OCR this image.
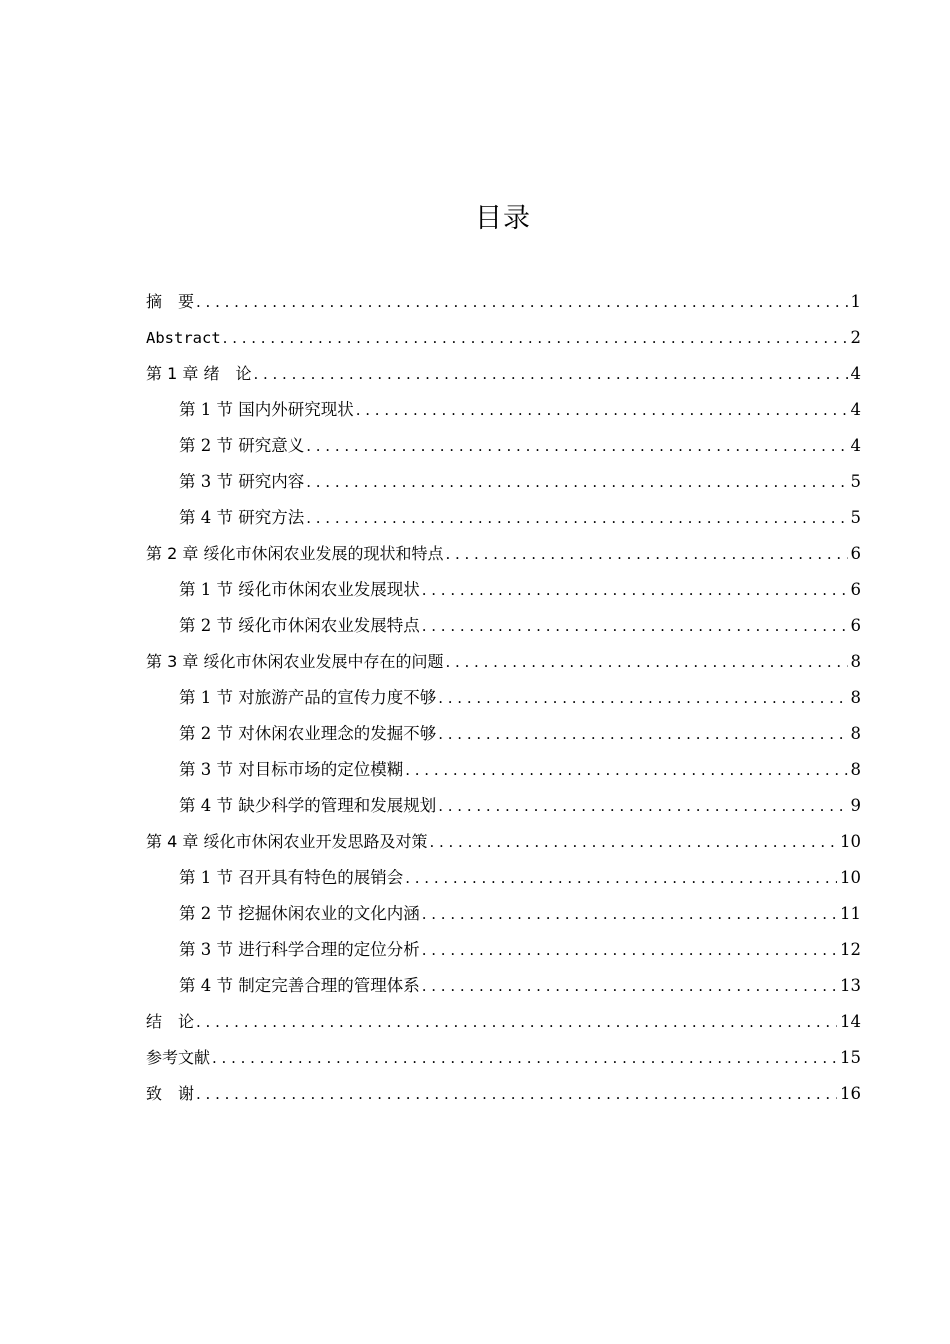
目录
摘　要 . . .	1
Abstract . . .	2
第 1 章 绪　论 . . .	4
第 1 节 国内外研究现状 . . .	4
第 2 节 研究意义 . . .	4
第 3 节 研究内容 . . .	5
第 4 节 研究方法 . . .	5
第 2 章 绥化市休闲农业发展的现状和特点 . . .	6
第 1 节 绥化市休闲农业发展现状 . . .	6
第 2 节 绥化市休闲农业发展特点 . . .	6
第 3 章 绥化市休闲农业发展中存在的问题 . . .	8
第 1 节 对旅游产品的宣传力度不够 . . .	8
第 2 节 对休闲农业理念的发掘不够 . . .	8
第 3 节 对目标市场的定位模糊 . . .	8
第 4 节 缺少科学的管理和发展规划 . . .	9
第 4 章 绥化市休闲农业开发思路及对策 . . .	10
第 1 节 召开具有特色的展销会 . . .	10
第 2 节 挖掘休闲农业的文化内涵 . . .	11
第 3 节 进行科学合理的定位分析 . . .	12
第 4 节 制定完善合理的管理体系 . . .	13
结　论 . . .	14
参考文献 . . .	15
致　谢 . . .	16
